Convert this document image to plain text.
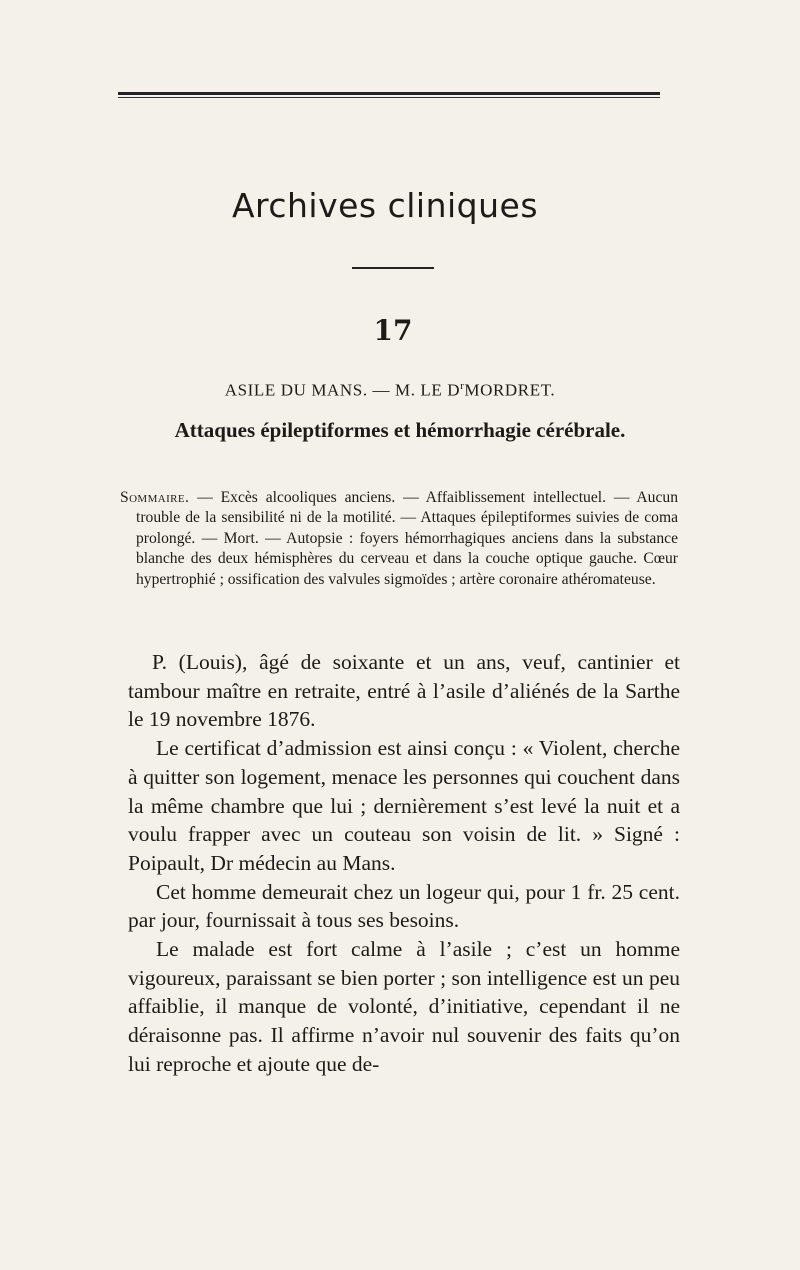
Archives cliniques
17
ASILE DU MANS. — M. LE $D^rMORDRET$.
Attaques épileptiformes et hémorrhagie cérébrale.

Sommaire. — Excès alcooliques anciens. — Affaiblissement intellectuel. — Aucun trouble de la sensibilité ni de la motilité. — Attaques épileptiformes suivies de coma prolongé. — Mort. — Autopsie : foyers hémorrhagiques anciens dans la substance blanche des deux hémisphères du cerveau et dans la couche optique gauche. Cœur hypertrophié ; ossification des valvules sigmoïdes ; artère coronaire athéromateuse.

P. (Louis), âgé de soixante et un ans, veuf, cantinier et tambour maître en retraite, entré à l’asile d’aliénés de la Sarthe le 19 novembre 1876.

Le certificat d’admission est ainsi conçu : « Violent, cherche à quitter son logement, menace les personnes qui couchent dans la même chambre que lui ; dernièrement s’est levé la nuit et a voulu frapper avec un couteau son voisin de lit. » Signé : Poipault, Dr médecin au Mans.

Cet homme demeurait chez un logeur qui, pour 1 fr. 25 cent. par jour, fournissait à tous ses besoins.

Le malade est fort calme à l’asile ; c’est un homme vigoureux, paraissant se bien porter ; son intelligence est un peu affaiblie, il manque de volonté, d’initiative, cependant il ne déraisonne pas. Il affirme n’avoir nul souvenir des faits qu’on lui reproche et ajoute que de-
